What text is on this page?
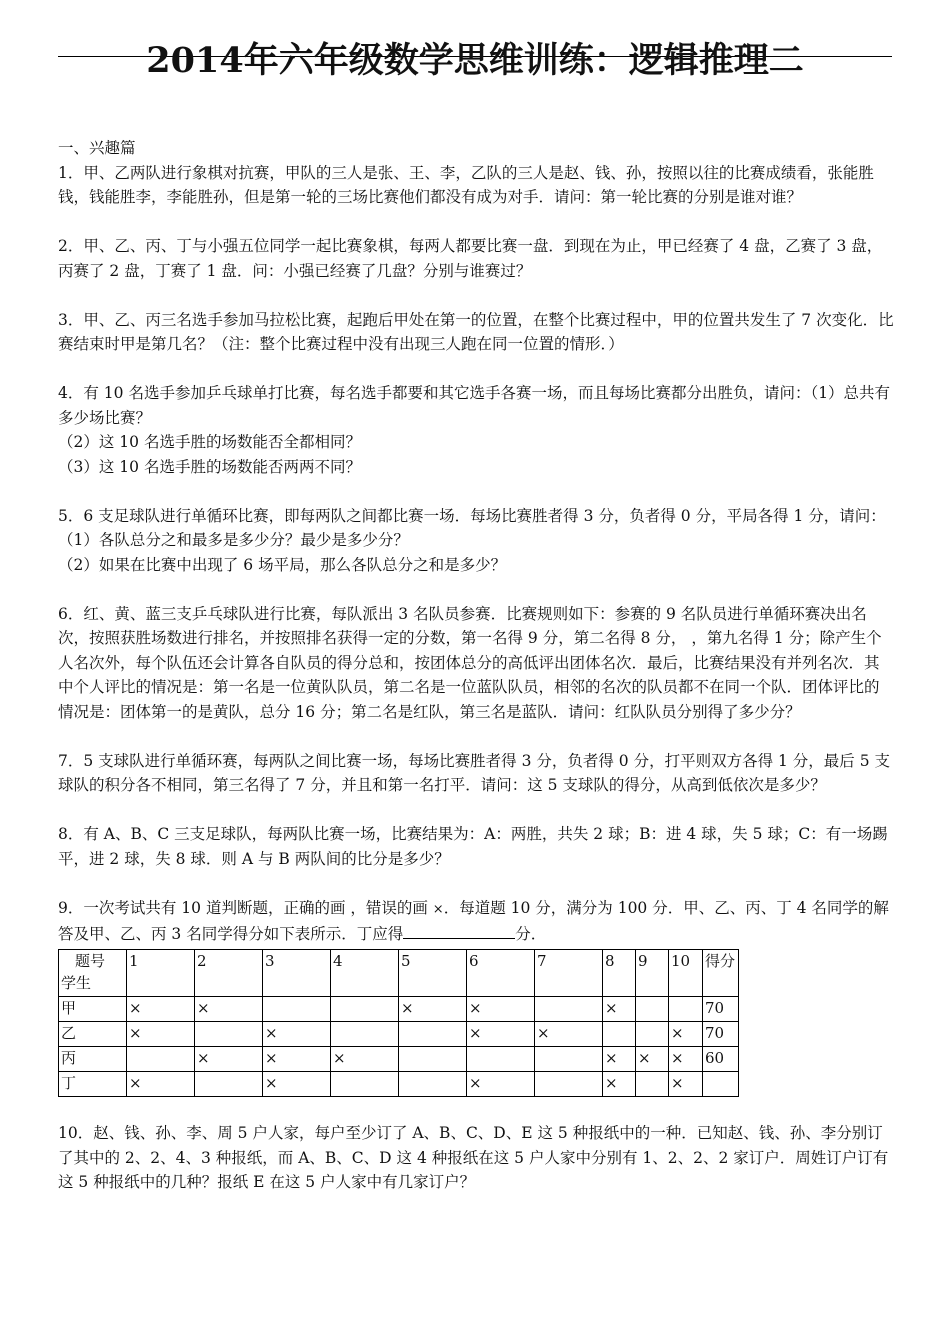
2014年六年级数学思维训练：逻辑推理二

一、兴趣篇

1．甲、乙两队进行象棋对抗赛，甲队的三人是张、王、李，乙队的三人是赵、钱、孙，按照以往的比赛成绩看，张能胜钱，钱能胜李，李能胜孙，但是第一轮的三场比赛他们都没有成为对手．请问：第一轮比赛的分别是谁对谁？

2．甲、乙、丙、丁与小强五位同学一起比赛象棋，每两人都要比赛一盘．到现在为止，甲已经赛了 4 盘，乙赛了 3 盘，丙赛了 2 盘，丁赛了 1 盘．问：小强已经赛了几盘？分别与谁赛过？

3．甲、乙、丙三名选手参加马拉松比赛，起跑后甲处在第一的位置，在整个比赛过程中，甲的位置共发生了 7 次变化．比赛结束时甲是第几名？（注：整个比赛过程中没有出现三人跑在同一位置的情形．）

4．有 10 名选手参加乒乓球单打比赛，每名选手都要和其它选手各赛一场，而且每场比赛都分出胜负，请问：（1）总共有多少场比赛？

（2）这 10 名选手胜的场数能否全都相同？

（3）这 10 名选手胜的场数能否两两不同？

5．6 支足球队进行单循环比赛，即每两队之间都比赛一场．每场比赛胜者得 3 分，负者得 0 分，平局各得 1 分，请问：

（1）各队总分之和最多是多少分？最少是多少分？

（2）如果在比赛中出现了 6 场平局，那么各队总分之和是多少？

6．红、黄、蓝三支乒乓球队进行比赛，每队派出 3 名队员参赛．比赛规则如下：参赛的 9 名队员进行单循环赛决出名次，按照获胜场数进行排名，并按照排名获得一定的分数，第一名得 9 分，第二名得 8 分， ，第九名得 1 分；除产生个人名次外，每个队伍还会计算各自队员的得分总和，按团体总分的高低评出团体名次．最后，比赛结果没有并列名次．其中个人评比的情况是：第一名是一位黄队队员，第二名是一位蓝队队员，相邻的名次的队员都不在同一个队．团体评比的情况是：团体第一的是黄队，总分 16 分；第二名是红队，第三名是蓝队．请问：红队队员分别得了多少分？

7．5 支球队进行单循环赛，每两队之间比赛一场，每场比赛胜者得 3 分，负者得 0 分，打平则双方各得 1 分，最后 5 支球队的积分各不相同，第三名得了 7 分，并且和第一名打平．请问：这 5 支球队的得分，从高到低依次是多少？

8．有 A、B、C 三支足球队，每两队比赛一场，比赛结果为：A：两胜，共失 2 球；B：进 4 球，失 5 球；C：有一场踢平，进 2 球，失 8 球．则 A 与 B 两队间的比分是多少？

9．一次考试共有 10 道判断题，正确的画 ，错误的画 ×．每道题 10 分，满分为 100 分．甲、乙、丙、丁 4 名同学的解答及甲、乙、丙 3 名同学得分如下表所示．丁应得	分．

题号
学生	1	2	3	4	5	6	7	8	9	10	得分
甲	×	×			×	×		×			70
乙	×		×			×	×			×	70
丙		×	×	×				×	×	×	60
丁	×		×			×		×		×	

10．赵、钱、孙、李、周 5 户人家，每户至少订了 A、B、C、D、E 这 5 种报纸中的一种．已知赵、钱、孙、李分别订了其中的 2、2、4、3 种报纸，而 A、B、C、D 这 4 种报纸在这 5 户人家中分别有 1、2、2、2 家订户．周姓订户订有这 5 种报纸中的几种？报纸 E 在这 5 户人家中有几家订户？
